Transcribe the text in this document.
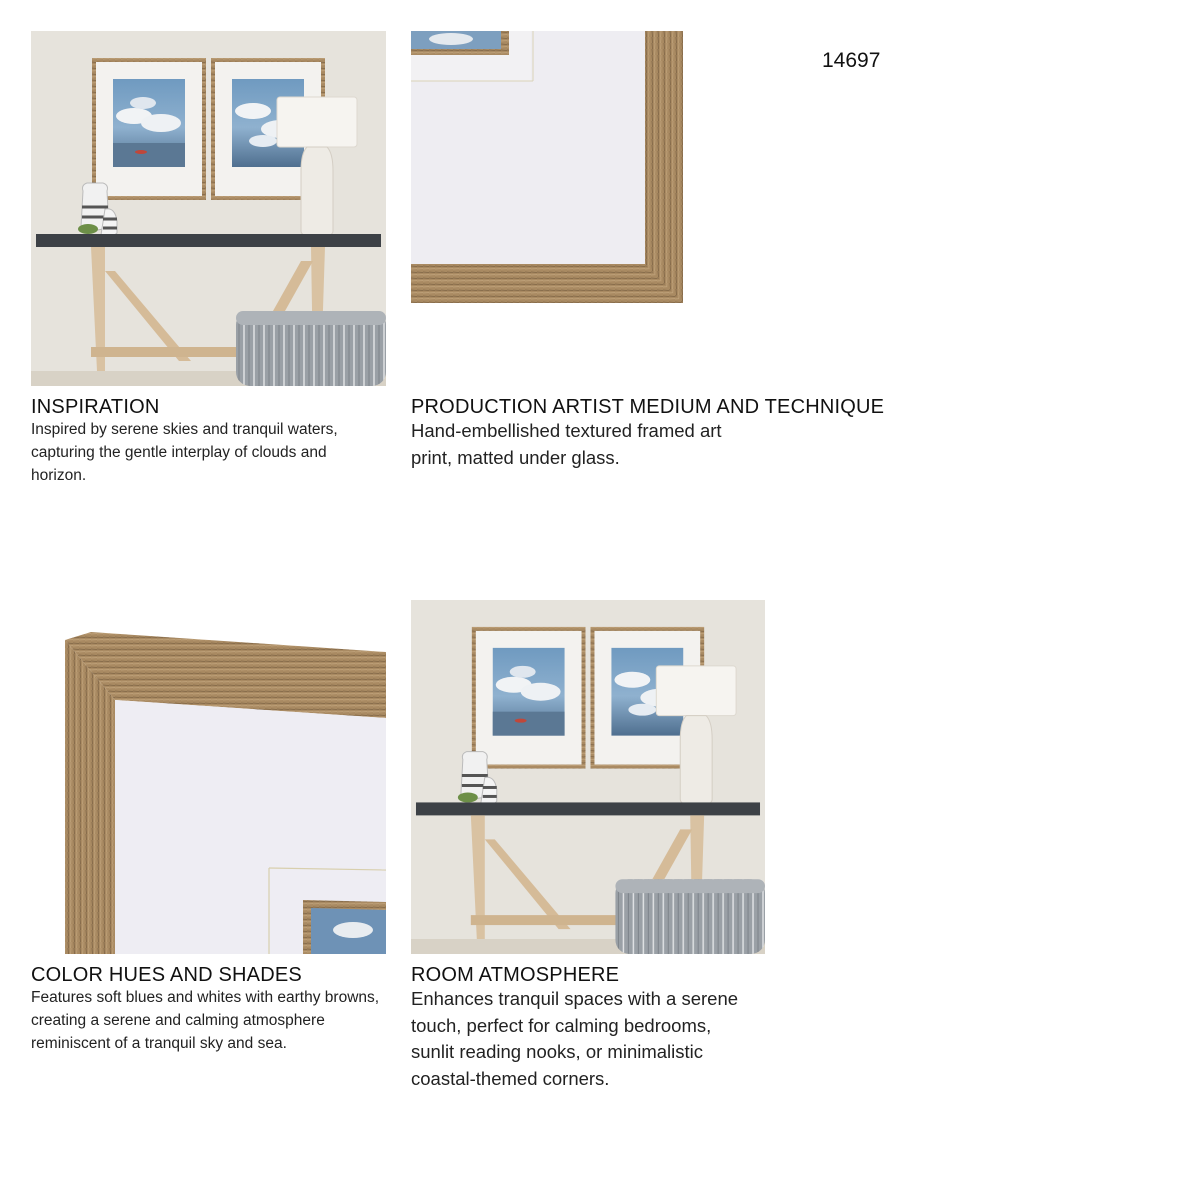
14697
INSPIRATION
Inspired by serene skies and tranquil waters, capturing the gentle interplay of clouds and horizon.
PRODUCTION ARTIST MEDIUM AND TECHNIQUE
Hand-embellished textured framed art print, matted under glass.
COLOR HUES AND SHADES
Features soft blues and whites with earthy browns, creating a serene and calming atmosphere reminiscent of a tranquil sky and sea.
ROOM ATMOSPHERE
Enhances tranquil spaces with a serene touch, perfect for calming bedrooms, sunlit reading nooks, or minimalistic coastal-themed corners.
